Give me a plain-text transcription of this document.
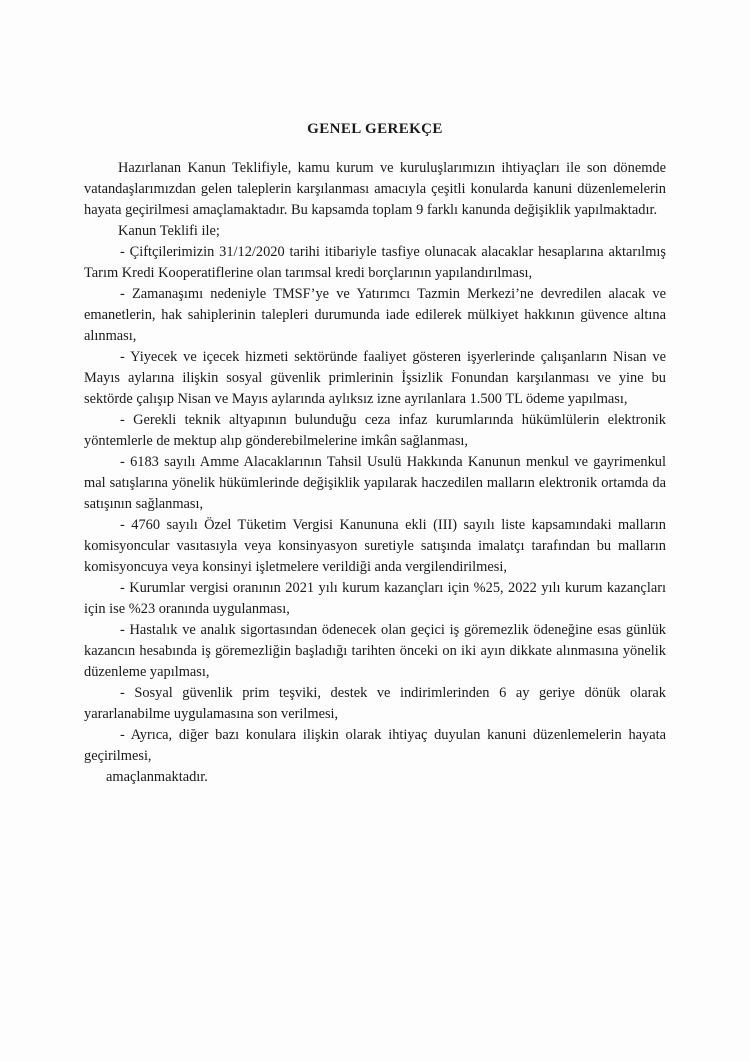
GENEL GEREKÇE

Hazırlanan Kanun Teklifiyle, kamu kurum ve kuruluşlarımızın ihtiyaçları ile son dönemde vatandaşlarımızdan gelen taleplerin karşılanması amacıyla çeşitli konularda kanuni düzenlemelerin hayata geçirilmesi amaçlamaktadır. Bu kapsamda toplam 9 farklı kanunda değişiklik yapılmaktadır.

Kanun Teklifi ile;

- Çiftçilerimizin 31/12/2020 tarihi itibariyle tasfiye olunacak alacaklar hesaplarına aktarılmış Tarım Kredi Kooperatiflerine olan tarımsal kredi borçlarının yapılandırılması,

- Zamanaşımı nedeniyle TMSF’ye ve Yatırımcı Tazmin Merkezi’ne devredilen alacak ve emanetlerin, hak sahiplerinin talepleri durumunda iade edilerek mülkiyet hakkının güvence altına alınması,

- Yiyecek ve içecek hizmeti sektöründe faaliyet gösteren işyerlerinde çalışanların Nisan ve Mayıs aylarına ilişkin sosyal güvenlik primlerinin İşsizlik Fonundan karşılanması ve yine bu sektörde çalışıp Nisan ve Mayıs aylarında aylıksız izne ayrılanlara 1.500 TL ödeme yapılması,

- Gerekli teknik altyapının bulunduğu ceza infaz kurumlarında hükümlülerin elektronik yöntemlerle de mektup alıp gönderebilmelerine imkân sağlanması,

- 6183 sayılı Amme Alacaklarının Tahsil Usulü Hakkında Kanunun menkul ve gayrimenkul mal satışlarına yönelik hükümlerinde değişiklik yapılarak haczedilen malların elektronik ortamda da satışının sağlanması,

- 4760 sayılı Özel Tüketim Vergisi Kanununa ekli (III) sayılı liste kapsamındaki malların komisyoncular vasıtasıyla veya konsinyasyon suretiyle satışında imalatçı tarafından bu malların komisyoncuya veya konsinyi işletmelere verildiği anda vergilendirilmesi,

- Kurumlar vergisi oranının 2021 yılı kurum kazançları için %25, 2022 yılı kurum kazançları için ise %23 oranında uygulanması,

- Hastalık ve analık sigortasından ödenecek olan geçici iş göremezlik ödeneğine esas günlük kazancın hesabında iş göremezliğin başladığı tarihten önceki on iki ayın dikkate alınmasına yönelik düzenleme yapılması,

- Sosyal güvenlik prim teşviki, destek ve indirimlerinden 6 ay geriye dönük olarak yararlanabilme uygulamasına son verilmesi,

- Ayrıca, diğer bazı konulara ilişkin olarak ihtiyaç duyulan kanuni düzenlemelerin hayata geçirilmesi,

amaçlanmaktadır.
